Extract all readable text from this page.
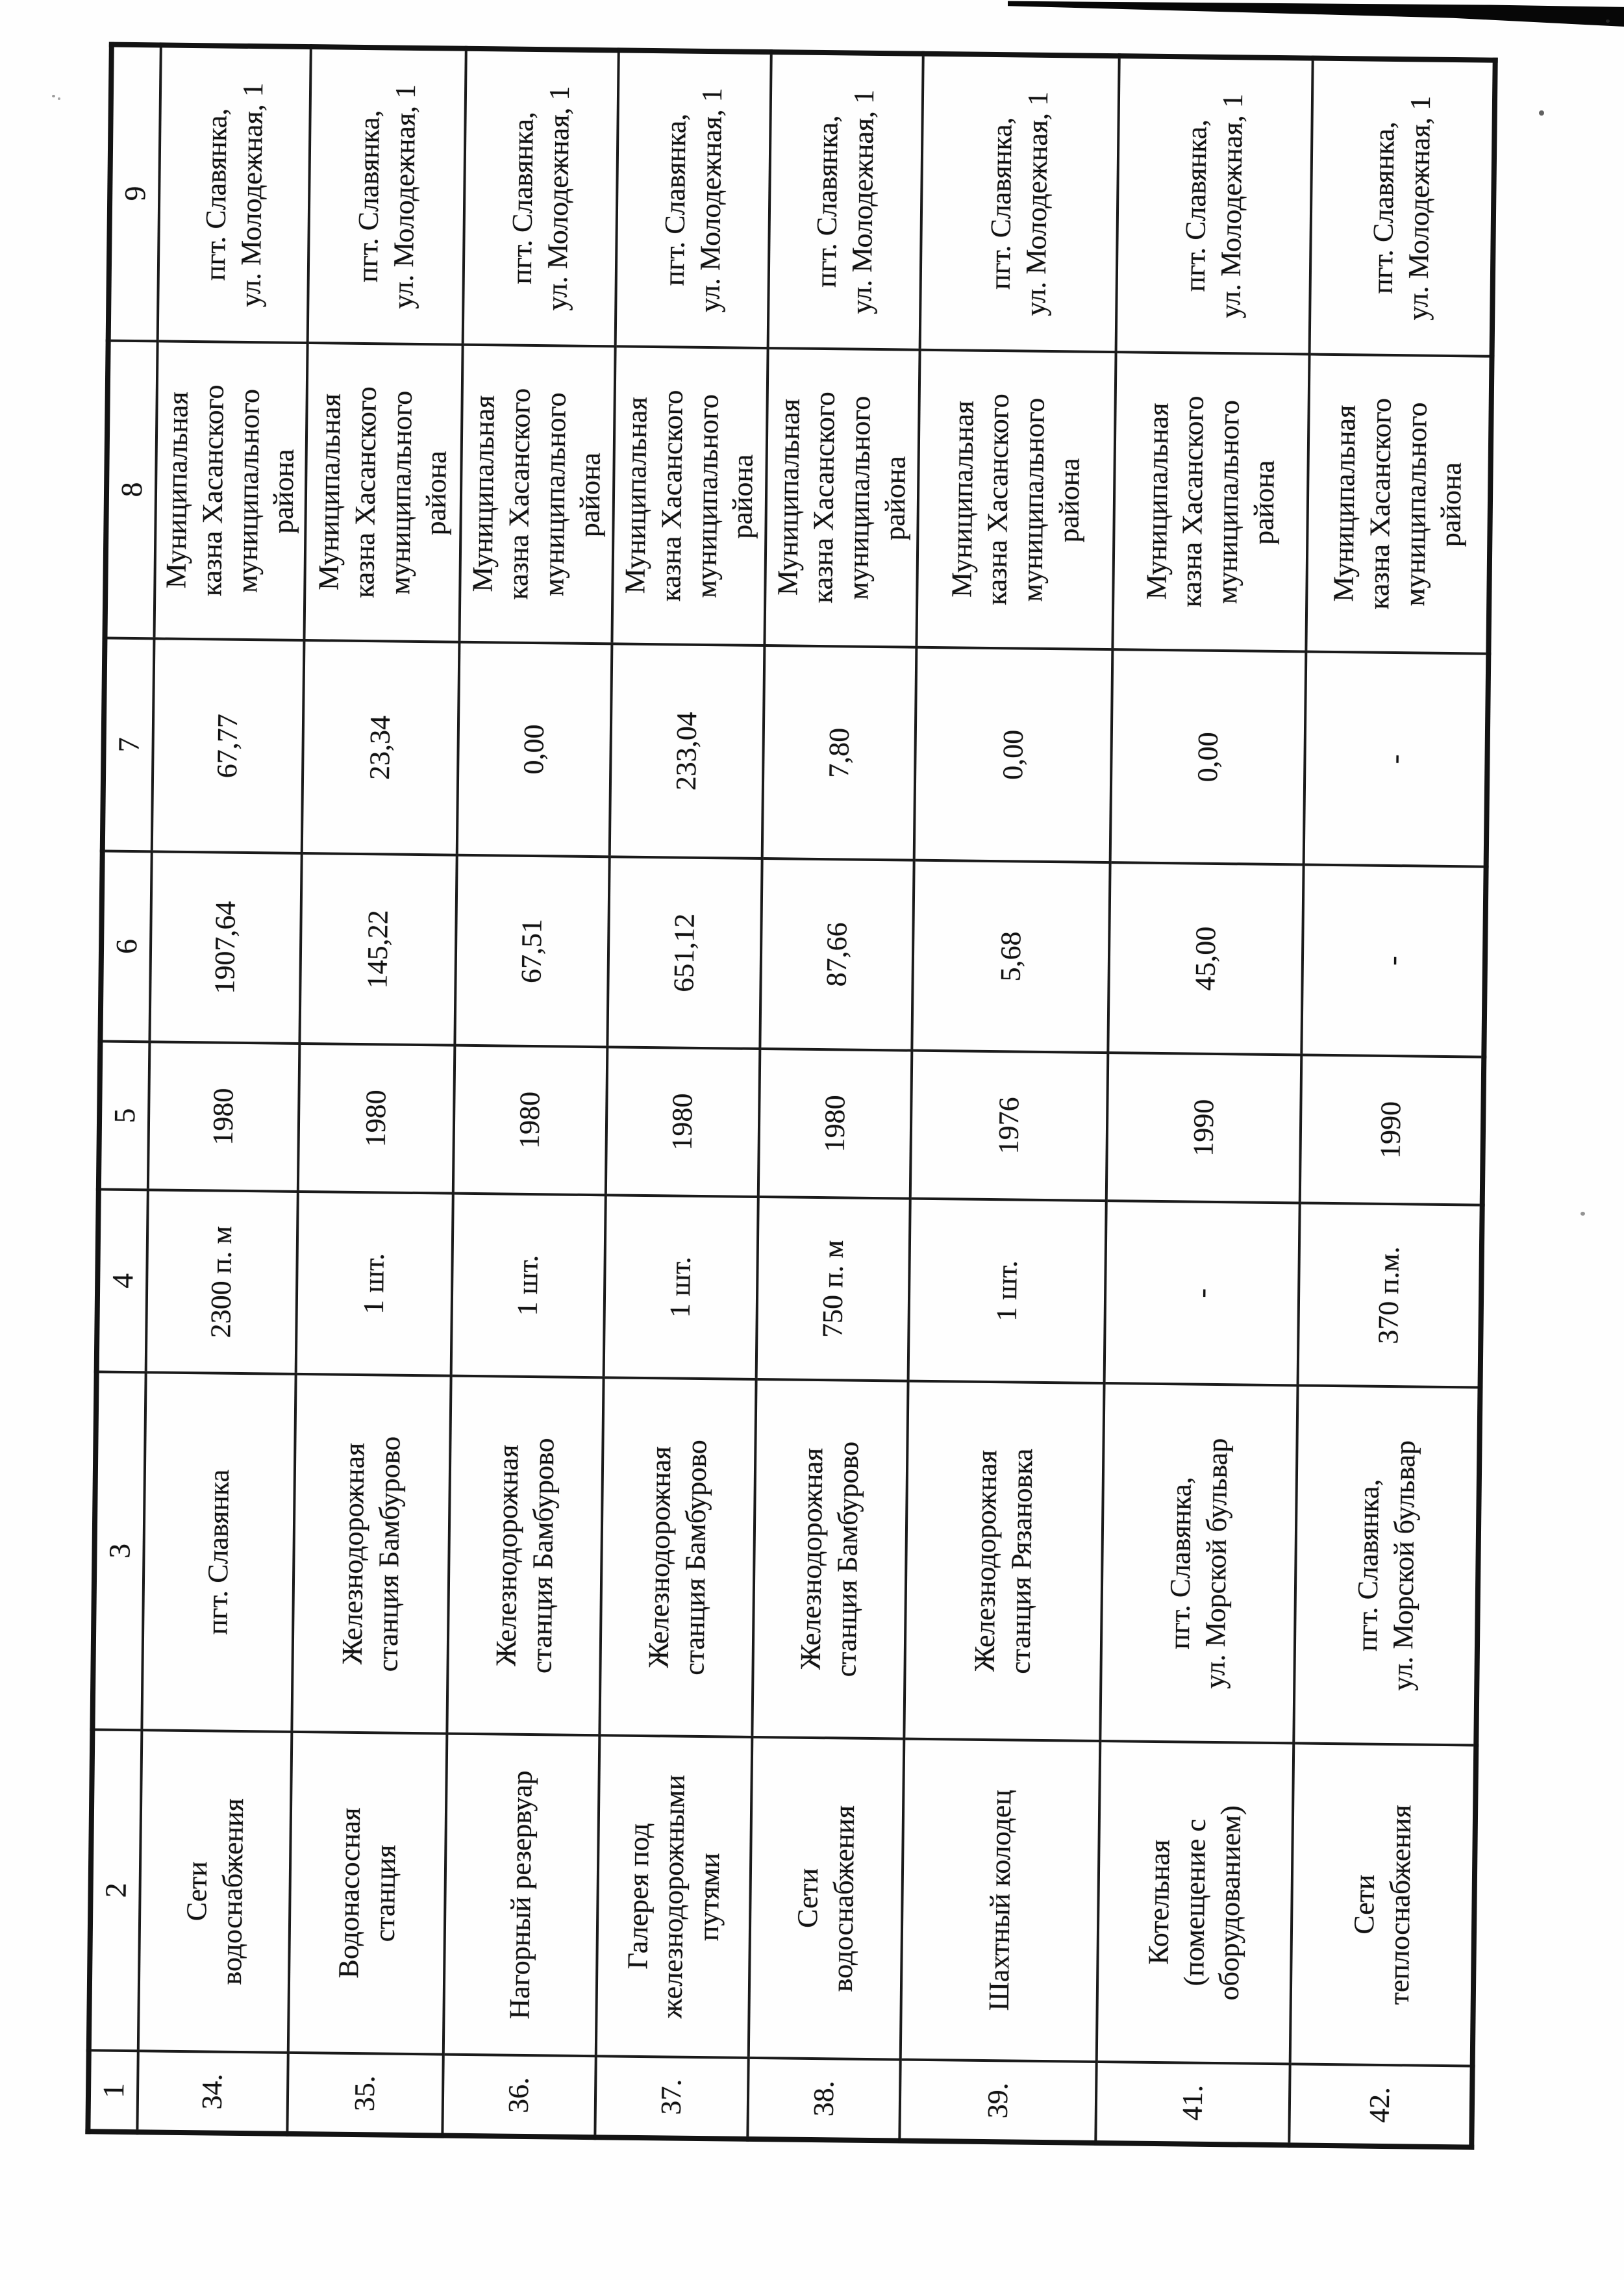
1	2	3	4	5	6	7	8	9
34.	Сети
водоснабжения	пгт. Славянка	2300 п. м	1980	1907,64	67,77	Муниципальная
казна Хасанского
муниципального
района	пгт. Славянка,
ул. Молодежная, 1
35.	Водонасосная
станция	Железнодорожная
станция Бамбурово	1 шт.	1980	145,22	23,34	Муниципальная
казна Хасанского
муниципального
района	пгт. Славянка,
ул. Молодежная, 1
36.	Нагорный резервуар	Железнодорожная
станция Бамбурово	1 шт.	1980	67,51	0,00	Муниципальная
казна Хасанского
муниципального
района	пгт. Славянка,
ул. Молодежная, 1
37.	Галерея под
железнодорожными
путями	Железнодорожная
станция Бамбурово	1 шт.	1980	651,12	233,04	Муниципальная
казна Хасанского
муниципального
района	пгт. Славянка,
ул. Молодежная, 1
38.	Сети
водоснабжения	Железнодорожная
станция Бамбурово	750 п. м	1980	87,66	7,80	Муниципальная
казна Хасанского
муниципального
района	пгт. Славянка,
ул. Молодежная, 1
39.	Шахтный колодец	Железнодорожная
станция Рязановка	1 шт.	1976	5,68	0,00	Муниципальная
казна Хасанского
муниципального
района	пгт. Славянка,
ул. Молодежная, 1
41.	Котельная
(помещение с
оборудованием)	пгт. Славянка,
ул. Морской бульвар	-	1990	45,00	0,00	Муниципальная
казна Хасанского
муниципального
района	пгт. Славянка,
ул. Молодежная, 1
42.	Сети
теплоснабжения	пгт. Славянка,
ул. Морской бульвар	370 п.м.	1990	-	-	Муниципальная
казна Хасанского
муниципального
района	пгт. Славянка,
ул. Молодежная, 1
